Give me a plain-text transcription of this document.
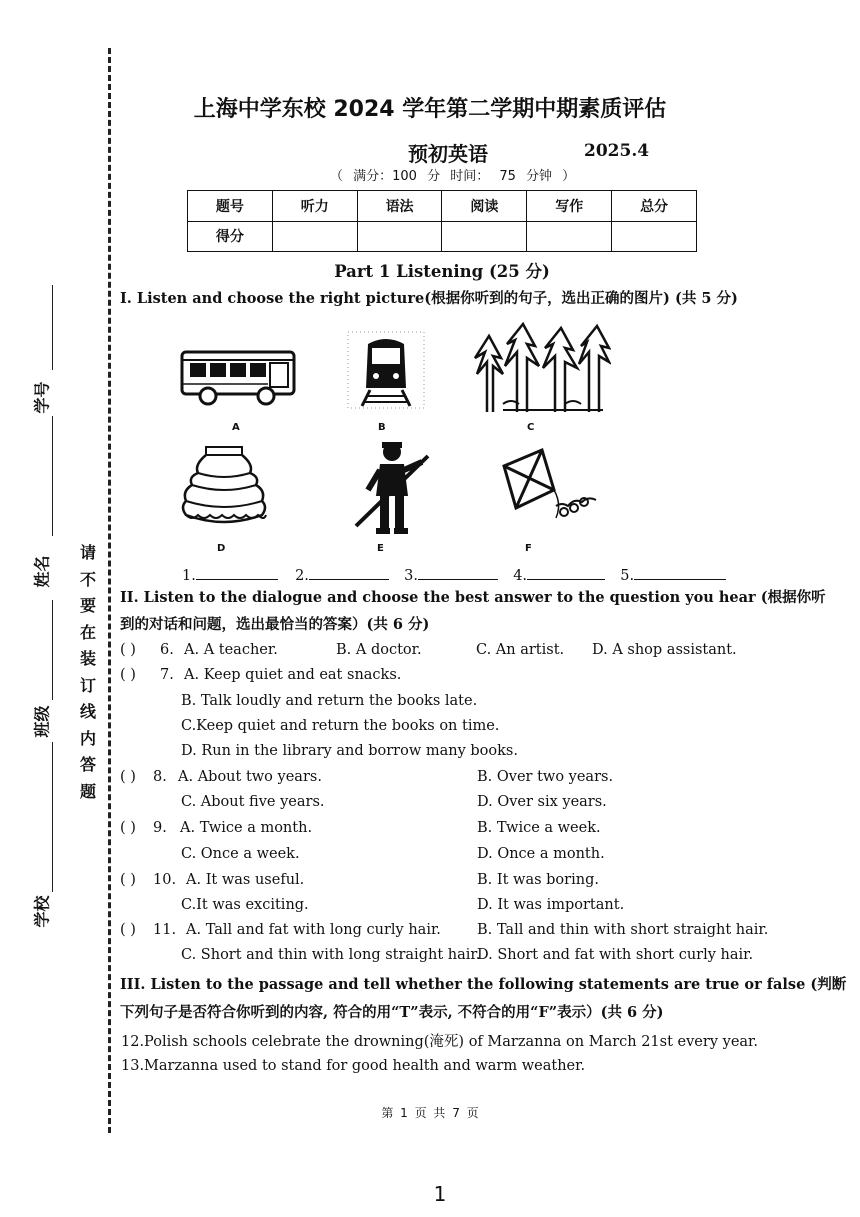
学号
姓名
班级
学校
请
不
要
在
装
订
线
内
答
题
上海中学东校 2024 学年第二学期中期素质评估
预初英语	2025.4
（ 满分：100 分 时间： 75 分钟 ）
题号	听力	语法	阅读	写作	总分
得分					
Part 1 Listening (25 分)
I. Listen and choose the right picture(根据你听到的句子，选出正确的图片) (共 5 分)
A	B	C
D	E	F
1.	2.	3.	4.	5.
II. Listen to the dialogue and choose the best answer to the question you hear (根据你听
到的对话和问题，选出最恰当的答案）(共 6 分)
( ) 6. A. A teacher.	B. A doctor.	C. An artist. D. A shop assistant.
( ) 7. A. Keep quiet and eat snacks.
B. Talk loudly and return the books late.
C.Keep quiet and return the books on time.
D. Run in the library and borrow many books.
( ) 8. A. About two years.	B. Over two years.
C. About five years.	D. Over six years.
( ) 9. A. Twice a month.	B. Twice a week.
C. Once a week.	D. Once a month.
( ) 10. A. It was useful.	B. It was boring.
C.It was exciting.	D. It was important.
( ) 11. A. Tall and fat with long curly hair. B. Tall and thin with short straight hair.
C. Short and thin with long straight hair.
D. Short and fat with short curly hair.
III. Listen to the passage and tell whether the following statements are true or false (判断
下列句子是否符合你听到的内容, 符合的用“T”表示, 不符合的用“F”表示）(共 6 分)
12.Polish schools celebrate the drowning(淹死) of Marzanna on March 21st every year.
13.Marzanna used to stand for good health and warm weather.
第 1 页 共 7 页
1
